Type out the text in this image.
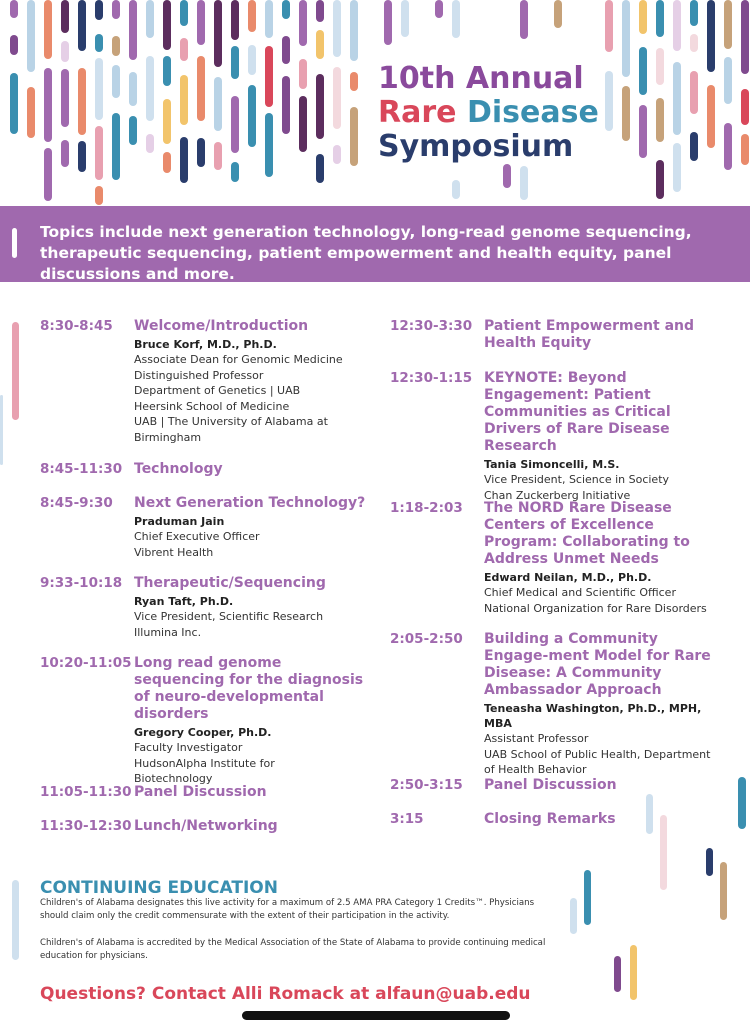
10th Annual
Rare Disease
Symposium
Topics include next generation technology, long-read genome sequencing, therapeutic sequencing, patient empowerment and health equity, panel discussions and more.
8:30-8:45 Welcome/Introduction
Bruce Korf, M.D., Ph.D.
Associate Dean for Genomic Medicine
Distinguished Professor
Department of Genetics | UAB
Heersink School of Medicine
UAB | The University of Alabama at
Birmingham
8:45-11:30 Technology
8:45-9:30 Next Generation Technology?
Praduman Jain
Chief Executive Officer
Vibrent Health
9:33-10:18 Therapeutic/Sequencing
Ryan Taft, Ph.D.
Vice President, Scientific Research
Illumina Inc.
10:20-11:05 Long read genome sequencing for the diagnosis of neuro-developmental disorders
Gregory Cooper, Ph.D.
Faculty Investigator
HudsonAlpha Institute for
Biotechnology
11:05-11:30 Panel Discussion
11:30-12:30 Lunch/Networking
12:30-3:30 Patient Empowerment and Health Equity
12:30-1:15 KEYNOTE: Beyond Engagement: Patient Communities as Critical Drivers of Rare Disease Research
Tania Simoncelli, M.S.
Vice President, Science in Society
Chan Zuckerberg Initiative
1:18-2:03 The NORD Rare Disease Centers of Excellence Program: Collaborating to Address Unmet Needs
Edward Neilan, M.D., Ph.D.
Chief Medical and Scientific Officer
National Organization for Rare Disorders
2:05-2:50 Building a Community Engage-ment Model for Rare Disease: A Community Ambassador Approach
Teneasha Washington, Ph.D., MPH, MBA
Assistant Professor
UAB School of Public Health, Department
of Health Behavior
2:50-3:15 Panel Discussion
3:15	Closing Remarks
CONTINUING EDUCATION
Children's of Alabama designates this live activity for a maximum of 2.5 AMA PRA Category 1 Credits™. Physicians should claim only the credit commensurate with the extent of their participation in the activity.
Children's of Alabama is accredited by the Medical Association of the State of Alabama to provide continuing medical education for physicians.
Questions? Contact Alli Romack at alfaun@uab.edu
